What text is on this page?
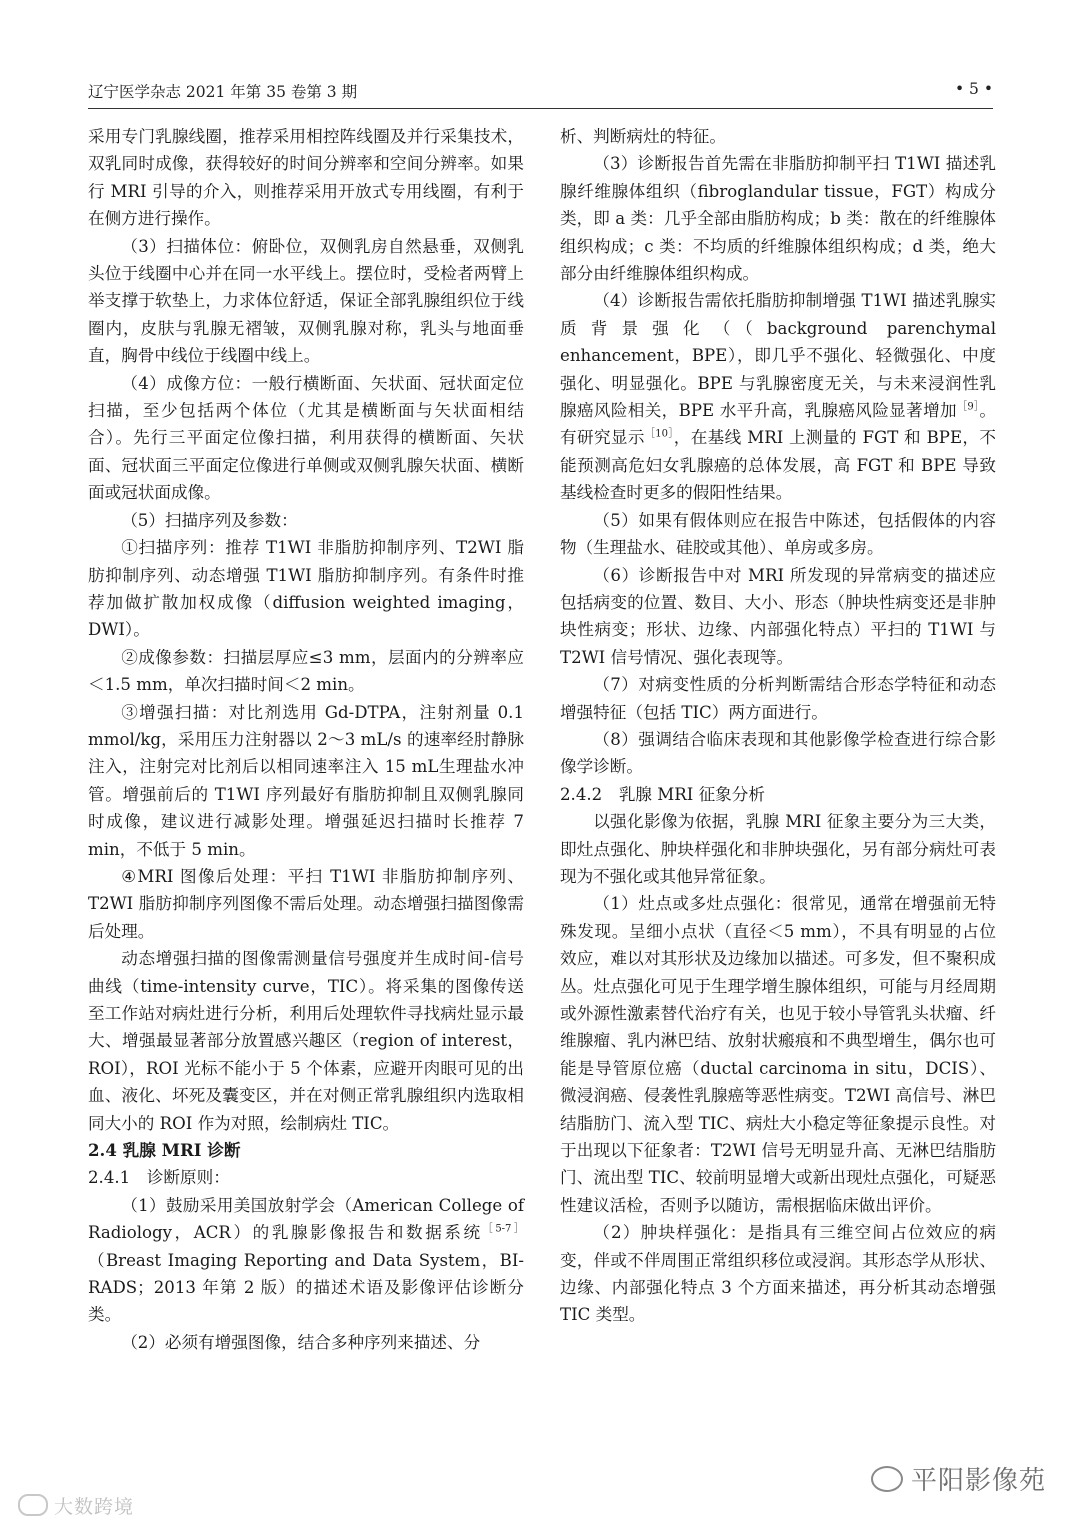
辽宁医学杂志 2021 年第 35 卷第 3 期	• 5 •

采用专门乳腺线圈，推荐采用相控阵线圈及并行采集技术，双乳同时成像，获得较好的时间分辨率和空间分辨率。如果行 MRI 引导的介入，则推荐采用开放式专用线圈，有利于在侧方进行操作。

（3）扫描体位：俯卧位，双侧乳房自然悬垂，双侧乳头位于线圈中心并在同一水平线上。摆位时，受检者两臂上举支撑于软垫上，力求体位舒适，保证全部乳腺组织位于线圈内，皮肤与乳腺无褶皱，双侧乳腺对称，乳头与地面垂直，胸骨中线位于线圈中线上。

（4）成像方位：一般行横断面、矢状面、冠状面定位扫描，至少包括两个体位（尤其是横断面与矢状面相结合）。先行三平面定位像扫描，利用获得的横断面、矢状面、冠状面三平面定位像进行单侧或双侧乳腺矢状面、横断面或冠状面成像。

（5）扫描序列及参数：

①扫描序列：推荐 T1WI 非脂肪抑制序列、T2WI 脂肪抑制序列、动态增强 T1WI 脂肪抑制序列。有条件时推荐加做扩散加权成像（diffusion weighted imaging，DWI）。

②成像参数：扫描层厚应≤3 mm，层面内的分辨率应＜1.5 mm，单次扫描时间＜2 min。

③增强扫描：对比剂选用 Gd-DTPA，注射剂量 0.1 mmol/kg，采用压力注射器以 2～3 mL/s 的速率经肘静脉注入，注射完对比剂后以相同速率注入 15 mL生理盐水冲管。增强前后的 T1WI 序列最好有脂肪抑制且双侧乳腺同时成像，建议进行减影处理。增强延迟扫描时长推荐 7 min，不低于 5 min。

④MRI 图像后处理：平扫 T1WI 非脂肪抑制序列、T2WI 脂肪抑制序列图像不需后处理。动态增强扫描图像需后处理。

动态增强扫描的图像需测量信号强度并生成时间-信号曲线（time-intensity curve，TIC）。将采集的图像传送至工作站对病灶进行分析，利用后处理软件寻找病灶显示最大、增强最显著部分放置感兴趣区（region of interest，ROI），ROI 光标不能小于 5 个体素，应避开肉眼可见的出血、液化、坏死及囊变区，并在对侧正常乳腺组织内选取相同大小的 ROI 作为对照，绘制病灶 TIC。

2.4 乳腺 MRI 诊断

2.4.1　诊断原则：

（1）鼓励采用美国放射学会（American College of Radiology，ACR）的乳腺影像报告和数据系统$^{[5-7]}$（Breast Imaging Reporting and Data System，BI-RADS；2013 年第 2 版）的描述术语及影像评估诊断分类。

（2）必须有增强图像，结合多种序列来描述、分

析、判断病灶的特征。

（3）诊断报告首先需在非脂肪抑制平扫 T1WI 描述乳腺纤维腺体组织（fibroglandular tissue，FGT）构成分类，即 a 类：几乎全部由脂肪构成；b 类：散在的纤维腺体组织构成；c 类：不均质的纤维腺体组织构成；d 类，绝大部分由纤维腺体组织构成。

（4）诊断报告需依托脂肪抑制增强 T1WI 描述乳腺实质背景强化（（background parenchymal enhancement，BPE），即几乎不强化、轻微强化、中度强化、明显强化。BPE 与乳腺密度无关，与未来浸润性乳腺癌风险相关，BPE 水平升高，乳腺癌风险显著增加$^{[9]}$。有研究显示$^{[10]}$，在基线 MRI 上测量的 FGT 和 BPE，不能预测高危妇女乳腺癌的总体发展，高 FGT 和 BPE 导致基线检查时更多的假阳性结果。

（5）如果有假体则应在报告中陈述，包括假体的内容物（生理盐水、硅胶或其他）、单房或多房。

（6）诊断报告中对 MRI 所发现的异常病变的描述应包括病变的位置、数目、大小、形态（肿块性病变还是非肿块性病变；形状、边缘、内部强化特点）平扫的 T1WI 与 T2WI 信号情况、强化表现等。

（7）对病变性质的分析判断需结合形态学特征和动态增强特征（包括 TIC）两方面进行。

（8）强调结合临床表现和其他影像学检查进行综合影像学诊断。

2.4.2　乳腺 MRI 征象分析

以强化影像为依据，乳腺 MRI 征象主要分为三大类，即灶点强化、肿块样强化和非肿块强化，另有部分病灶可表现为不强化或其他异常征象。

（1）灶点或多灶点强化：很常见，通常在增强前无特殊发现。呈细小点状（直径＜5 mm），不具有明显的占位效应，难以对其形状及边缘加以描述。可多发，但不聚积成丛。灶点强化可见于生理学增生腺体组织，可能与月经周期或外源性激素替代治疗有关，也见于较小导管乳头状瘤、纤维腺瘤、乳内淋巴结、放射状瘢痕和不典型增生，偶尔也可能是导管原位癌（ductal carcinoma in situ，DCIS）、微浸润癌、侵袭性乳腺癌等恶性病变。T2WI 高信号、淋巴结脂肪门、流入型 TIC、病灶大小稳定等征象提示良性。对于出现以下征象者：T2WI 信号无明显升高、无淋巴结脂肪门、流出型 TIC、较前明显增大或新出现灶点强化，可疑恶性建议活检，否则予以随访，需根据临床做出评价。

（2）肿块样强化：是指具有三维空间占位效应的病变，伴或不伴周围正常组织移位或浸润。其形态学从形状、边缘、内部强化特点 3 个方面来描述，再分析其动态增强 TIC 类型。

大数跨境
平阳影像苑
